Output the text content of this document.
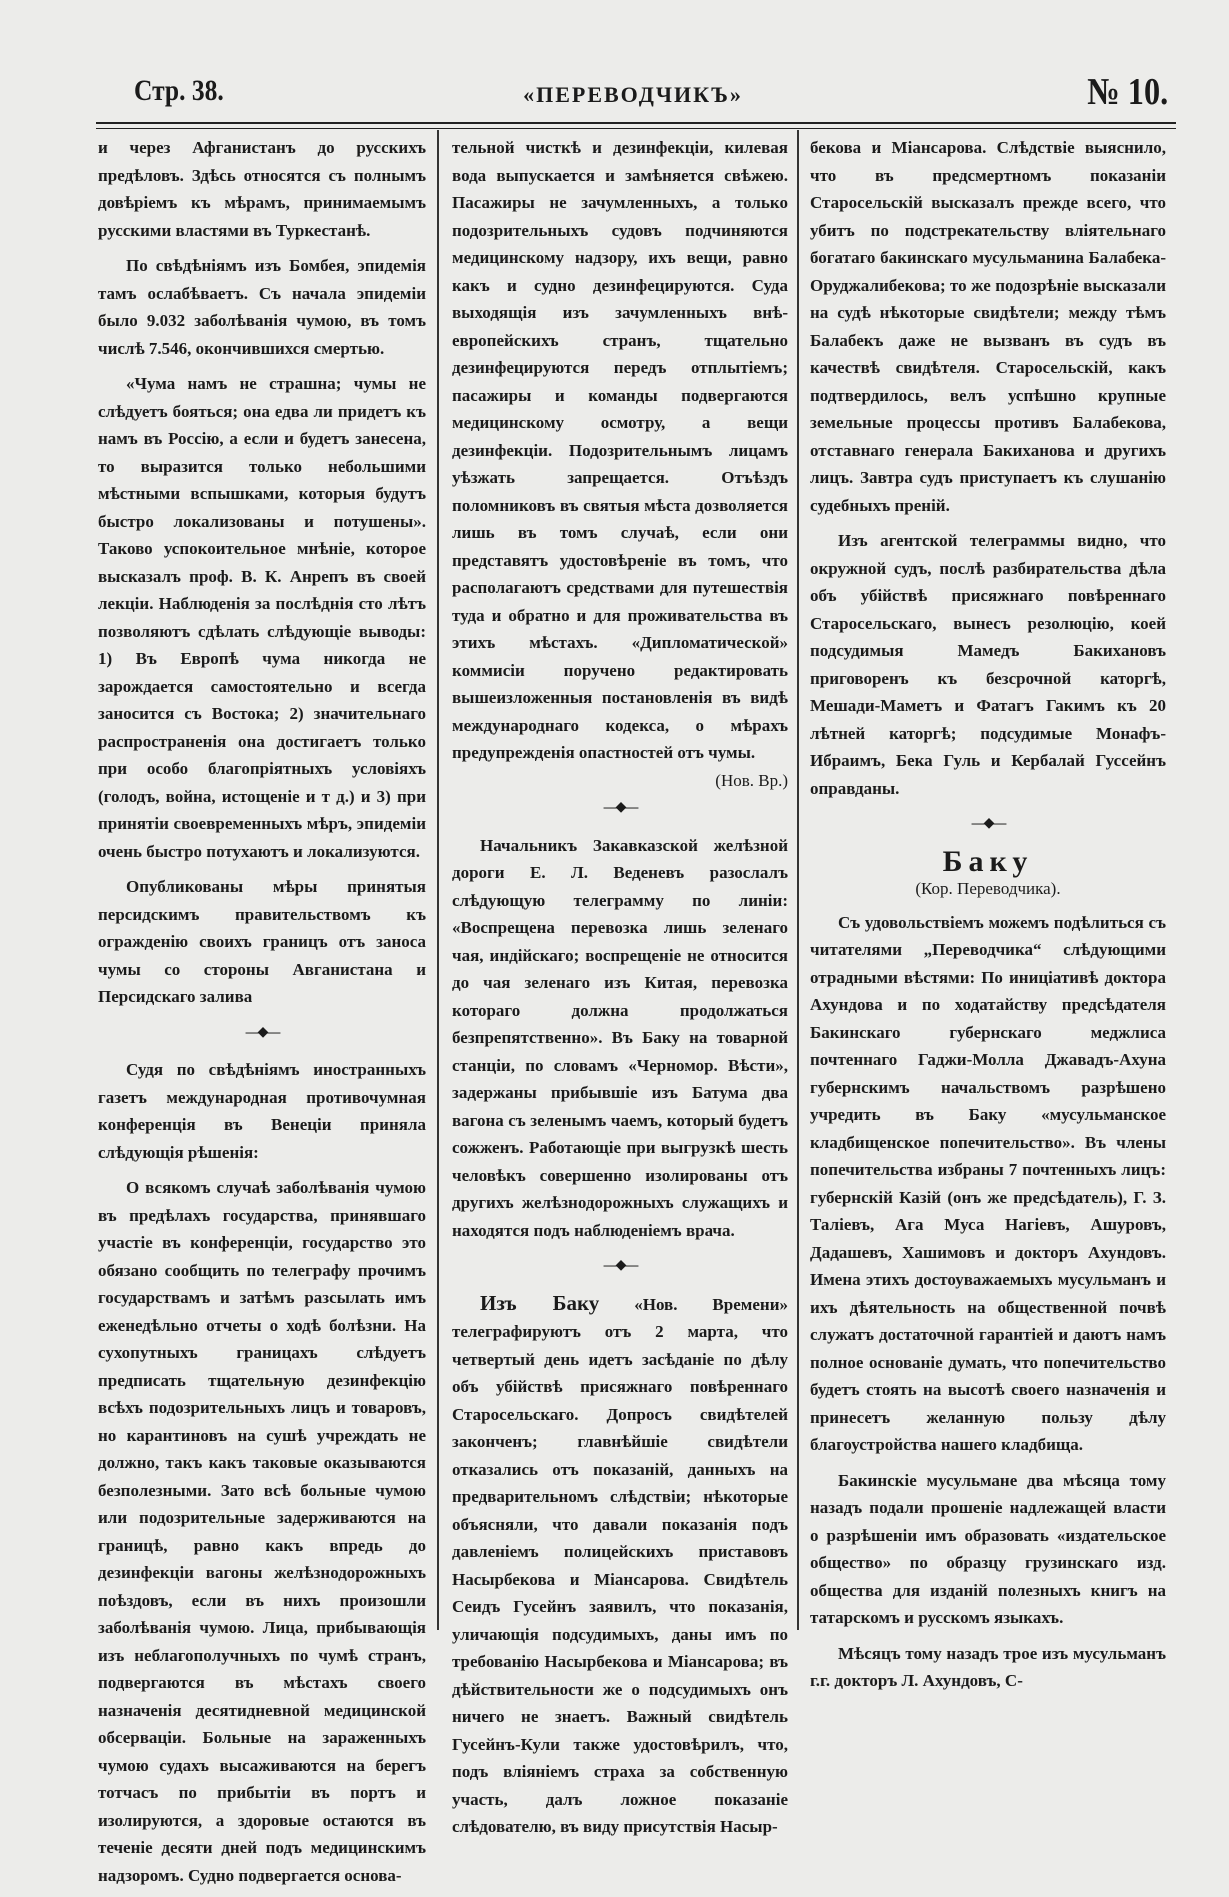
Стр. 38.	«ПЕРЕВОДЧИКЪ»	№ 10.

и через Афганистанъ до русскихъ предѣловъ. Здѣсь относятся съ полнымъ довѣріемъ къ мѣрамъ, принимаемымъ русскими властями въ Туркестанѣ.

По свѣдѣніямъ изъ Бомбея, эпидемія тамъ ослабѣваетъ. Съ начала эпидеміи было 9.032 заболѣванія чумою, въ томъ числѣ 7.546, окончившихся смертью.

«Чума намъ не страшна; чумы не слѣдуетъ бояться; она едва ли придетъ къ намъ въ Россію, а если и будетъ занесена, то выразится только небольшими мѣстными вспышками, которыя будутъ быстро локализованы и потушены». Таково успокоительное мнѣніе, которое высказалъ проф. В. К. Анрепъ въ своей лекціи. Наблюденія за послѣднія сто лѣтъ позволяютъ сдѣлать слѣдующіе выводы: 1) Въ Европѣ чума никогда не зарождается самостоятельно и всегда заносится съ Востока; 2) значительнаго распространенія она достигаетъ только при особо благопріятныхъ условіяхъ (голодъ, война, истощеніе и т д.) и 3) при принятіи своевременныхъ мѣръ, эпидеміи очень быстро потухаютъ и локализуются.

Опубликованы мѣры принятыя персидскимъ правительствомъ къ огражденію своихъ границъ отъ заноса чумы со стороны Авганистана и Персидскаго залива

—◆—

Судя по свѣдѣніямъ иностранныхъ газетъ международная противочумная конференція въ Венеціи приняла слѣдующія рѣшенія:

О всякомъ случаѣ заболѣванія чумою въ предѣлахъ государства, принявшаго участіе въ конференціи, государство это обязано сообщить по телеграфу прочимъ государствамъ и затѣмъ разсылать имъ еженедѣльно отчеты о ходѣ болѣзни. На сухопутныхъ границахъ слѣдуетъ предписать тщательную дезинфекцію всѣхъ подозрительныхъ лицъ и товаровъ, но карантиновъ на сушѣ учреждать не должно, такъ какъ таковые оказываются безполезными. Зато всѣ больные чумою или подозрительные задерживаются на границѣ, равно какъ впредь до дезинфекціи вагоны желѣзнодорожныхъ поѣздовъ, если въ нихъ произошли заболѣванія чумою. Лица, прибывающія изъ неблагополучныхъ по чумѣ странъ, подвергаются въ мѣстахъ своего назначенія десятидневной медицинской обсерваціи. Больные на зараженныхъ чумою судахъ высаживаются на берегъ тотчасъ по прибытіи въ портъ и изолируются, а здоровые остаются въ теченіе десяти дней подъ медицинскимъ надзоромъ. Судно подвергается основа-

тельной чисткѣ и дезинфекціи, килевая вода выпускается и замѣняется свѣжею. Пасажиры не зачумленныхъ, а только подозрительныхъ судовъ подчиняются медицинскому надзору, ихъ вещи, равно какъ и судно дезинфецируются. Суда выходящія изъ зачумленныхъ внѣ-европейскихъ странъ, тщательно дезинфецируются передъ отплытіемъ; пасажиры и команды подвергаются медицинскому осмотру, а вещи дезинфекціи. Подозрительнымъ лицамъ уѣзжать запрещается. Отъѣздъ поломниковъ въ святыя мѣста дозволяется лишь въ томъ случаѣ, если они представятъ удостовѣреніе въ томъ, что располагаютъ средствами для путешествія туда и обратно и для проживательства въ этихъ мѣстахъ. «Дипломатической» коммисіи поручено редактировать вышеизложенныя постановленія въ видѣ международнаго кодекса, о мѣрахъ предупрежденія опастностей отъ чумы.
(Нов. Вр.)

—◆—

Начальникъ Закавказской желѣзной дороги Е. Л. Веденевъ разослалъ слѣдующую телеграмму по линіи: «Воспрещена перевозка лишь зеленаго чая, индійскаго; воспрещеніе не относится до чая зеленаго изъ Китая, перевозка котораго должна продолжаться безпрепятственно». Въ Баку на товарной станціи, по словамъ «Черномор. Вѣсти», задержаны прибывшіе изъ Батума два вагона съ зеленымъ чаемъ, который будетъ сожженъ. Работающіе при выгрузкѣ шесть человѣкъ совершенно изолированы отъ другихъ желѣзнодорожныхъ служащихъ и находятся подъ наблюденіемъ врача.

—◆—

Изъ Баку «Нов. Времени» телеграфируютъ отъ 2 марта, что четвертый день идетъ засѣданіе по дѣлу объ убійствѣ присяжнаго повѣреннаго Старосельскаго. Допросъ свидѣтелей законченъ; главнѣйшіе свидѣтели отказались отъ показаній, данныхъ на предварительномъ слѣдствіи; нѣкоторые объясняли, что давали показанія подъ давленіемъ полицейскихъ приставовъ Насырбекова и Міансарова. Свидѣтель Сеидъ Гусейнъ заявилъ, что показанія, уличающія подсудимыхъ, даны имъ по требованію Насырбекова и Міансарова; въ дѣйствительности же о подсудимыхъ онъ ничего не знаетъ. Важный свидѣтель Гусейнъ-Кули также удостовѣрилъ, что, подъ вліяніемъ страха за собственную участь, далъ ложное показаніе слѣдователю, въ виду присутствія Насыр-

бекова и Міансарова. Слѣдствіе выяснило, что въ предсмертномъ показаніи Старосельскій высказалъ прежде всего, что убитъ по подстрекательству вліятельнаго богатаго бакинскаго мусульманина Балабека-Оруджалибекова; то же подозрѣніе высказали на судѣ нѣкоторые свидѣтели; между тѣмъ Балабекъ даже не вызванъ въ судъ въ качествѣ свидѣтеля. Старосельскій, какъ подтвердилось, велъ успѣшно крупные земельные процессы противъ Балабекова, отставнаго генерала Бакиханова и другихъ лицъ. Завтра судъ приступаетъ къ слушанію судебныхъ преній.

Изъ агентской телеграммы видно, что окружной судъ, послѣ разбирательства дѣла объ убійствѣ присяжнаго повѣреннаго Старосельскаго, вынесъ резолюцію, коей подсудимыя Мамедъ Бакихановъ приговоренъ къ безсрочной каторгѣ, Мешади-Маметъ и Фатагъ Гакимъ къ 20 лѣтней каторгѣ; подсудимые Монафъ-Ибраимъ, Бека Гуль и Кербалай Гуссейнъ оправданы.

—◆—
Баку
(Кор. Переводчика).

Съ удовольствіемъ можемъ подѣлиться съ читателями „Переводчика“ слѣдующими отрадными вѣстями: По иниціативѣ доктора Ахундова и по ходатайству предсѣдателя Бакинскаго губернскаго меджлиса почтеннаго Гаджи-Молла Джавадъ-Ахуна губернскимъ начальствомъ разрѣшено учредить въ Баку «мусульманское кладбищенское попечительство». Въ члены попечительства избраны 7 почтенныхъ лицъ: губернскій Казій (онъ же предсѣдатель), Г. З. Таліевъ, Ага Муса Нагіевъ, Ашуровъ, Дадашевъ, Хашимовъ и докторъ Ахундовъ. Имена этихъ достоуважаемыхъ мусульманъ и ихъ дѣятельность на общественной почвѣ служатъ достаточной гарантіей и даютъ намъ полное основаніе думать, что попечительство будетъ стоять на высотѣ своего назначенія и принесетъ желанную пользу дѣлу благоустройства нашего кладбища.

Бакинскіе мусульмане два мѣсяца тому назадъ подали прошеніе надлежащей власти о разрѣшеніи имъ образовать «издательское общество» по образцу грузинскаго изд. общества для изданій полезныхъ книгъ на татарскомъ и русскомъ языкахъ.

Мѣсяцъ тому назадъ трое изъ мусульманъ г.г. докторъ Л. Ахундовъ, С-
